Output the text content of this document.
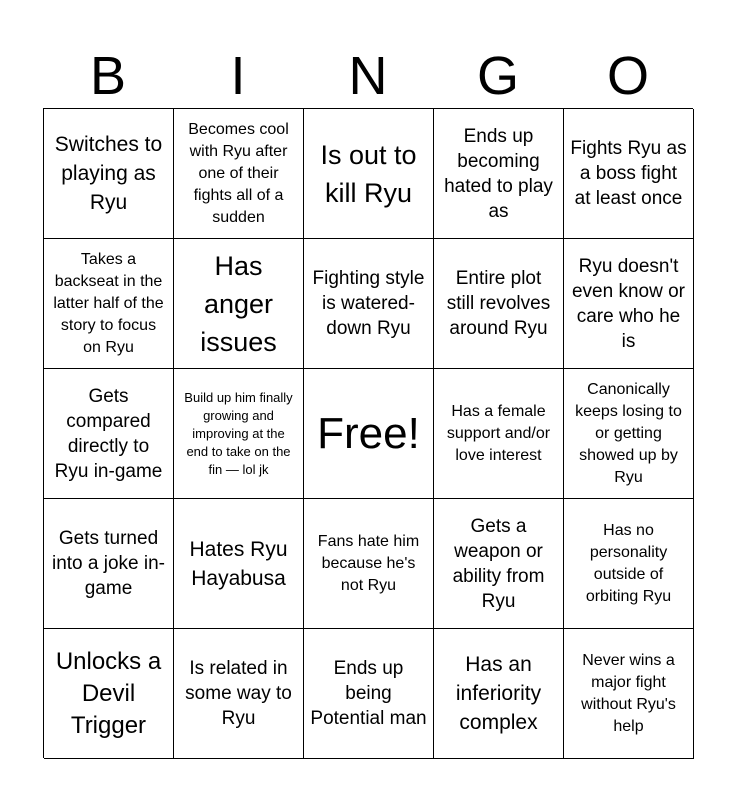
B	I	N	G	O
Switches to playing as Ryu
Becomes cool with Ryu after one of their fights all of a sudden
Is out to kill Ryu
Ends up becoming hated to play as
Fights Ryu as a boss fight at least once
Takes a backseat in the latter half of the story to focus on Ryu
Has anger issues
Fighting style is watered-down Ryu
Entire plot still revolves around Ryu
Ryu doesn't even know or care who he is
Gets compared directly to Ryu in-game
Build up him finally growing and improving at the end to take on the fin — lol jk
Free!	Has a female support and/or love interest
Canonically keeps losing to or getting showed up by Ryu
Gets turned into a joke in-game
Hates Ryu Hayabusa
Fans hate him because he's not Ryu
Gets a weapon or ability from Ryu
Has no personality outside of orbiting Ryu
Unlocks a Devil Trigger
Is related in some way to Ryu
Ends up being Potential man
Has an inferiority complex
Never wins a major fight without Ryu's help
